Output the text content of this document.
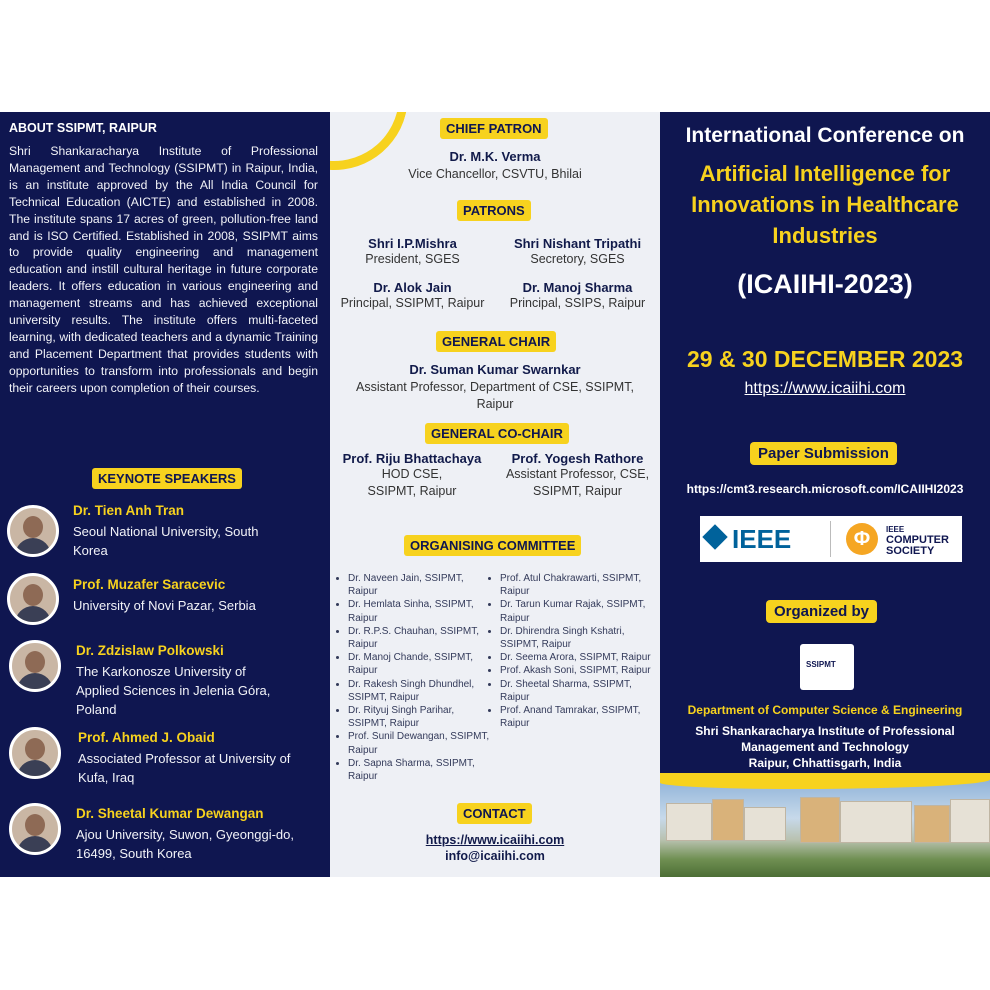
ABOUT SSIPMT, RAIPUR
Shri Shankaracharya Institute of Professional Management and Technology (SSIPMT) in Raipur, India, is an institute approved by the All India Council for Technical Education (AICTE) and established in 2008. The institute spans 17 acres of green, pollution-free land and is ISO Certified. Established in 2008, SSIPMT aims to provide quality engineering and management education and instill cultural heritage in future corporate leaders. It offers education in various engineering and management streams and has achieved exceptional university results. The institute offers multi-faceted learning, with dedicated teachers and a dynamic Training and Placement Department that provides students with opportunities to transform into professionals and begin their careers upon completion of their courses.
KEYNOTE SPEAKERS
Dr. Tien Anh Tran
Seoul National University, South Korea
Prof. Muzafer Saracevic
University of Novi Pazar, Serbia
Dr. Zdzislaw Polkowski
The Karkonosze University of Applied Sciences in Jelenia Góra, Poland
Prof. Ahmed J. Obaid
Associated Professor at University of Kufa, Iraq
Dr. Sheetal Kumar Dewangan
Ajou University, Suwon, Gyeonggi-do, 16499, South Korea
CHIEF PATRON
Dr. M.K. Verma
Vice Chancellor, CSVTU, Bhilai
PATRONS
Shri I.P.Mishra
President, SGES
Shri Nishant Tripathi
Secretory, SGES
Dr. Alok Jain
Principal, SSIPMT, Raipur
Dr. Manoj Sharma
Principal, SSIPS, Raipur
GENERAL CHAIR
Dr. Suman Kumar Swarnkar
Assistant Professor, Department of CSE, SSIPMT, Raipur
GENERAL CO-CHAIR
Prof. Riju Bhattachaya
HOD CSE, SSIPMT, Raipur
Prof. Yogesh Rathore
Assistant Professor, CSE, SSIPMT, Raipur
ORGANISING COMMITTEE
• Dr. Naveen Jain, SSIPMT, Raipur
• Dr. Hemlata Sinha, SSIPMT, Raipur
• Dr. R.P.S. Chauhan, SSIPMT, Raipur
• Dr. Manoj Chande, SSIPMT, Raipur
• Dr. Rakesh Singh Dhundhel, SSIPMT, Raipur
• Dr. Rityuj Singh Parihar, SSIPMT, Raipur
• Prof. Sunil Dewangan, SSIPMT, Raipur
• Dr. Sapna Sharma, SSIPMT, Raipur
• Prof. Atul Chakrawarti, SSIPMT, Raipur
• Dr. Tarun Kumar Rajak, SSIPMT, Raipur
• Dr. Dhirendra Singh Kshatri, SSIPMT, Raipur
• Dr. Seema Arora, SSIPMT, Raipur
• Prof. Akash Soni, SSIPMT, Raipur
• Dr. Sheetal Sharma, SSIPMT, Raipur
• Prof. Anand Tamrakar, SSIPMT, Raipur
CONTACT
https://www.icaiihi.com
info@icaiihi.com
International Conference on
Artificial Intelligence for Innovations in Healthcare Industries
(ICAIIHI-2023)
29 & 30 DECEMBER 2023
https://www.icaiihi.com
Paper Submission
https://cmt3.research.microsoft.com/ICAIIHI2023
IEEE	Φ	IEEE
COMPUTER
SOCIETY
Organized by
SSIPMT
Department of Computer Science & Engineering
Shri Shankaracharya Institute of Professional
Management and Technology
Raipur, Chhattisgarh, India
